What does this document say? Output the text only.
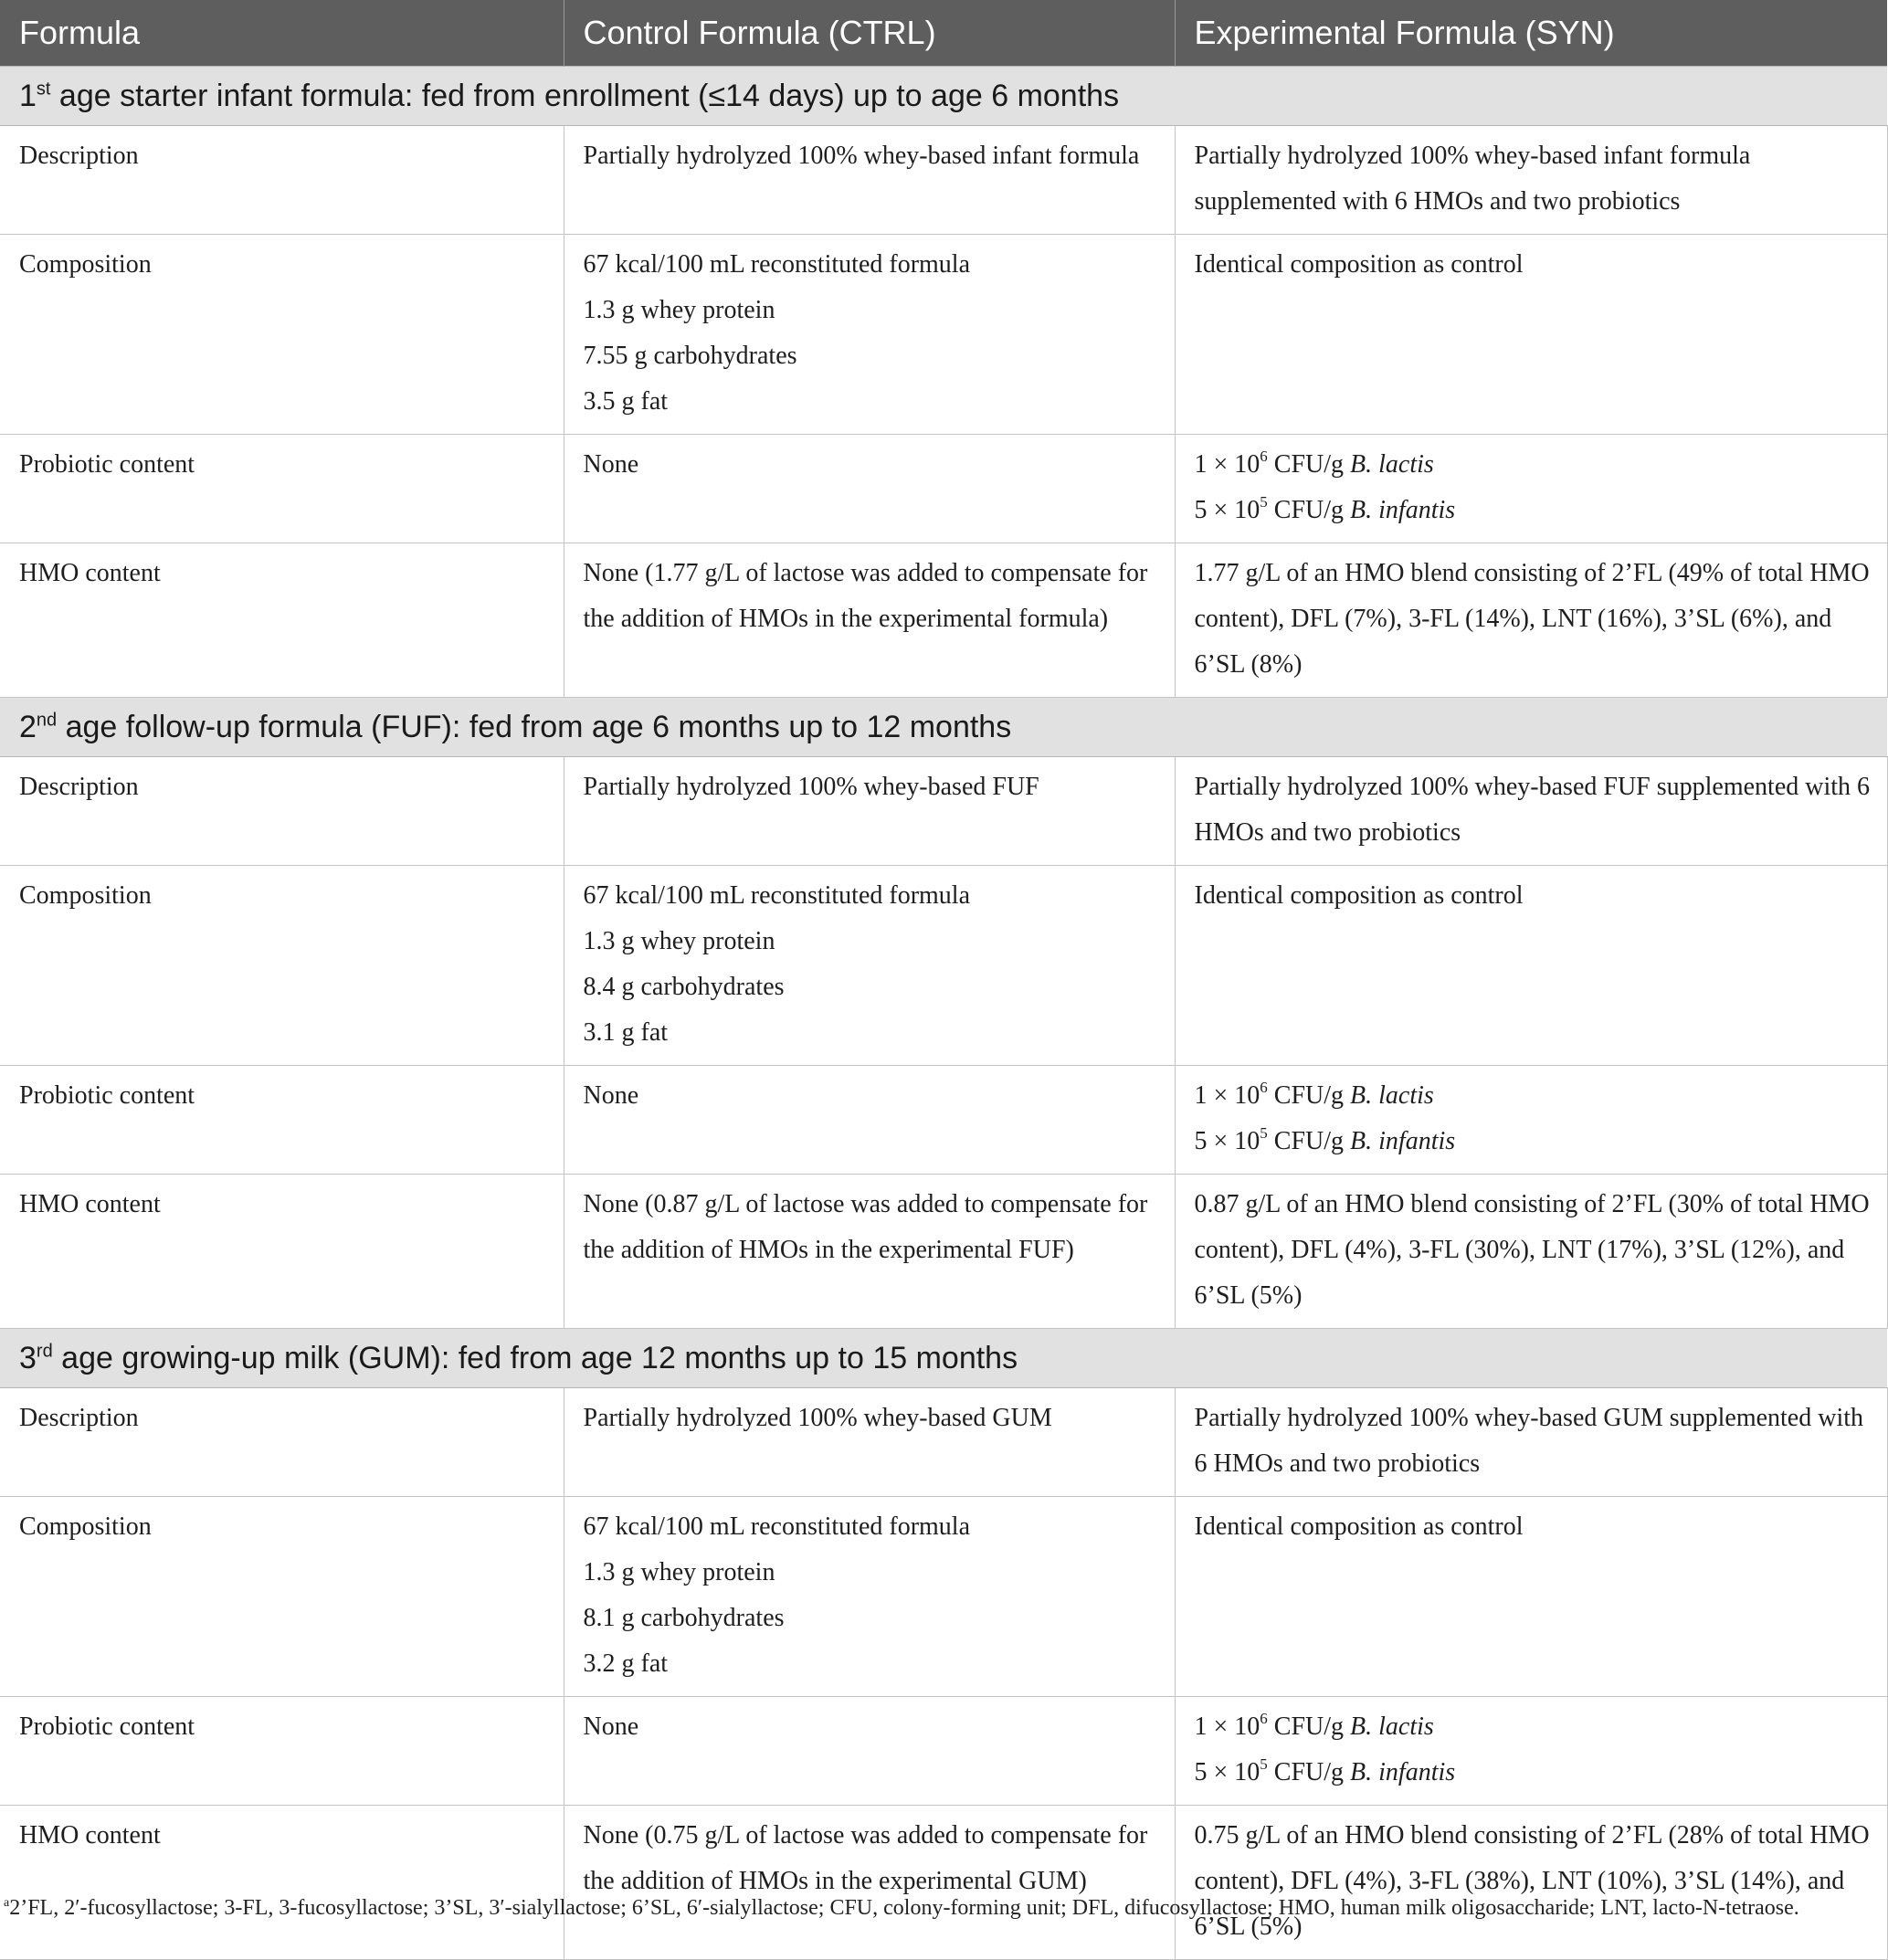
Formula	Control Formula (CTRL)	Experimental Formula (SYN)
1st age starter infant formula: fed from enrollment (≤14 days) up to age 6 months		
Description	Partially hydrolyzed 100% whey-based infant formula	Partially hydrolyzed 100% whey-based infant formula supplemented with 6 HMOs and two probiotics
Composition	67 kcal/100 mL reconstituted formula
1.3 g whey protein
7.55 g carbohydrates
3.5 g fat	Identical composition as control
Probiotic content	None	$1 \times 10^6$ CFU/g B. lactis
$5 \times 10^5$ CFU/g B. infantis

HMO content	None (1.77 g/L of lactose was added to compensate for the addition of HMOs in the experimental formula)	1.77 g/L of an HMO blend consisting of 2’FL (49% of total HMO content), DFL (7%), 3-FL (14%), LNT (16%), 3’SL (6%), and 6’SL (8%)
2nd age follow-up formula (FUF): fed from age 6 months up to 12 months		
Description	Partially hydrolyzed 100% whey-based FUF	Partially hydrolyzed 100% whey-based FUF supplemented with 6 HMOs and two probiotics
Composition	67 kcal/100 mL reconstituted formula
1.3 g whey protein
8.4 g carbohydrates
3.1 g fat	Identical composition as control
Probiotic content	None	$1 \times 10^6$ CFU/g B. lactis
$5 \times 10^5$ CFU/g B. infantis

HMO content	None (0.87 g/L of lactose was added to compensate for the addition of HMOs in the experimental FUF)	0.87 g/L of an HMO blend consisting of 2’FL (30% of total HMO content), DFL (4%), 3-FL (30%), LNT (17%), 3’SL (12%), and 6’SL (5%)
3rd age growing-up milk (GUM): fed from age 12 months up to 15 months		
Description	Partially hydrolyzed 100% whey-based GUM	Partially hydrolyzed 100% whey-based GUM supplemented with 6 HMOs and two probiotics
Composition	67 kcal/100 mL reconstituted formula
1.3 g whey protein
8.1 g carbohydrates
3.2 g fat	Identical composition as control
Probiotic content	None	$1 \times 10^6$ CFU/g B. lactis
$5 \times 10^5$ CFU/g B. infantis

HMO content	None (0.75 g/L of lactose was added to compensate for the addition of HMOs in the experimental GUM)	0.75 g/L of an HMO blend consisting of 2’FL (28% of total HMO content), DFL (4%), 3-FL (38%), LNT (10%), 3’SL (14%), and 6’SL (5%)
$^a$2’FL, 2′-fucosyllactose; 3-FL, 3-fucosyllactose; 3’SL, 3′-sialyllactose; 6’SL, 6′-sialyllactose; CFU, colony-forming unit; DFL, difucosyllactose; HMO, human milk oligosaccharide; LNT, lacto-N-tetraose.
